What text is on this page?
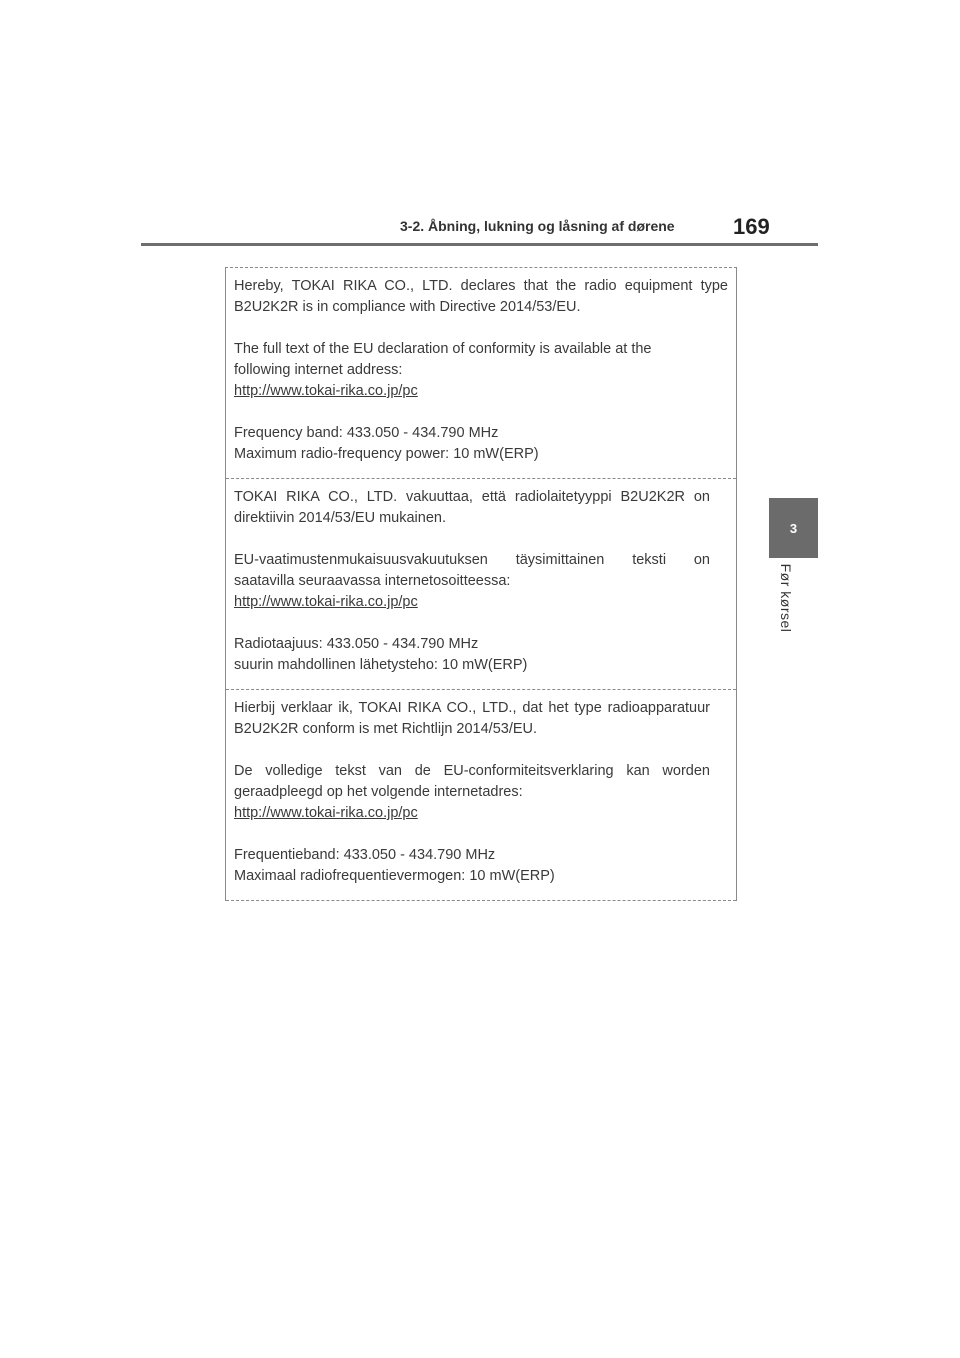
3-2. Åbning, lukning og låsning af dørene	169
3
Før kørsel

Hereby, TOKAI RIKA CO., LTD. declares that the radio equipment type B2U2K2R is in compliance with Directive 2014/53/EU.

The full text of the EU declaration of conformity is available at the

following internet address:

http://www.tokai-rika.co.jp/pc

Frequency band: 433.050 - 434.790 MHz

Maximum radio-frequency power: 10 mW(ERP)

TOKAI RIKA CO., LTD. vakuuttaa, että radiolaitetyyppi B2U2K2R on direktiivin 2014/53/EU mukainen.

EU-vaatimustenmukaisuusvakuutuksen täysimittainen teksti on

saatavilla seuraavassa internetosoitteessa:

http://www.tokai-rika.co.jp/pc

Radiotaajuus: 433.050 - 434.790 MHz

suurin mahdollinen lähetysteho: 10 mW(ERP)

Hierbij verklaar ik, TOKAI RIKA CO., LTD., dat het type radioapparatuur B2U2K2R conform is met Richtlijn 2014/53/EU.

De volledige tekst van de EU-conformiteitsverklaring kan worden

geraadpleegd op het volgende internetadres:

http://www.tokai-rika.co.jp/pc

Frequentieband: 433.050 - 434.790 MHz

Maximaal radiofrequentievermogen: 10 mW(ERP)
